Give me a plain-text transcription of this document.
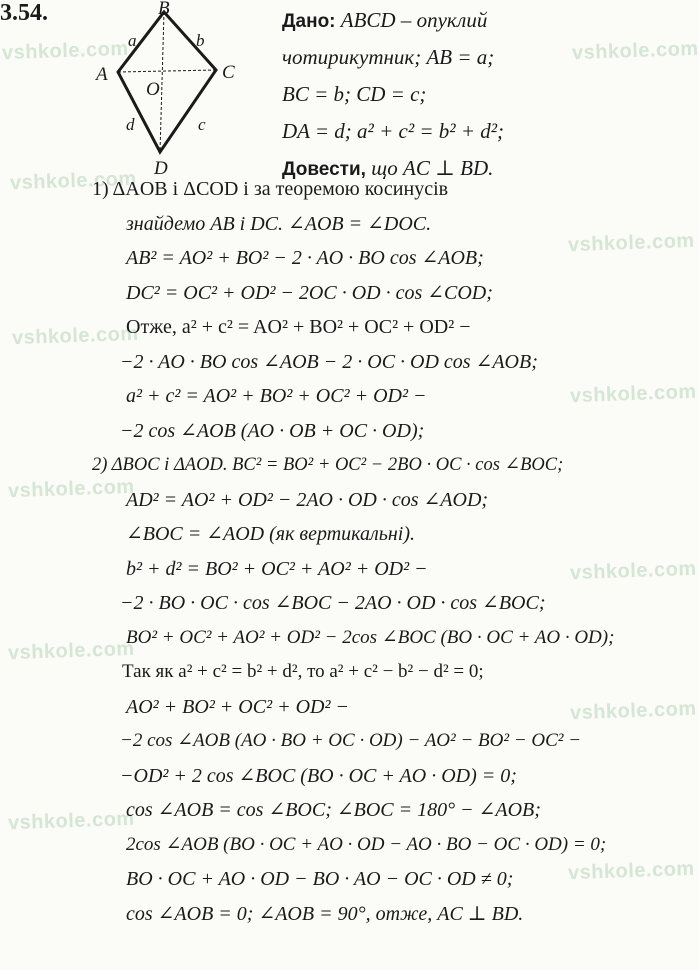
vshkole.com	vshkole.com
vshkole.com
vshkole.com
vshkole.com
vshkole.com
vshkole.com
vshkole.com
vshkole.com
vshkole.com
vshkole.com
vshkole.com
3.54.	B
A	C
D
O
a	b
d	c
Дано: ABCD – опуклий
чотирикутник; AB = a;
BC = b; CD = c;
DA = d; a² + c² = b² + d²;
Довести, що AC ⊥ BD.
1) ΔAOB і ΔCOD і за теоремою косинусів
знайдемо AB і DC. ∠AOB = ∠DOC.
AB² = AO² + BO² − 2 · AO · BO cos ∠AOB;
DC² = OC² + OD² − 2OC · OD · cos ∠COD;
Отже, a² + c² = AO² + BO² + OC² + OD² −
−2 · AO · BO cos ∠AOB − 2 · OC · OD cos ∠AOB;
a² + c² = AO² + BO² + OC² + OD² −
−2 cos ∠AOB (AO · OB + OC · OD);
2) ΔBOC і ΔAOD. BC² = BO² + OC² − 2BO · OC · cos ∠BOC;
AD² = AO² + OD² − 2AO · OD · cos ∠AOD;
∠BOC = ∠AOD (як вертикальні).
b² + d² = BO² + OC² + AO² + OD² −
−2 · BO · OC · cos ∠BOC − 2AO · OD · cos ∠BOC;
BO² + OC² + AO² + OD² − 2cos ∠BOC (BO · OC + AO · OD);
Так як a² + c² = b² + d², то a² + c² − b² − d² = 0;
AO² + BO² + OC² + OD² −
−2 cos ∠AOB (AO · BO + OC · OD) − AO² − BO² − OC² −
−OD² + 2 cos ∠BOC (BO · OC + AO · OD) = 0;
cos ∠AOB = cos ∠BOC; ∠BOC = 180° − ∠AOB;
2cos ∠AOB (BO · OC + AO · OD − AO · BO − OC · OD) = 0;
BO · OC + AO · OD − BO · AO − OC · OD ≠ 0;
cos ∠AOB = 0; ∠AOB = 90°, отже, AC ⊥ BD.
